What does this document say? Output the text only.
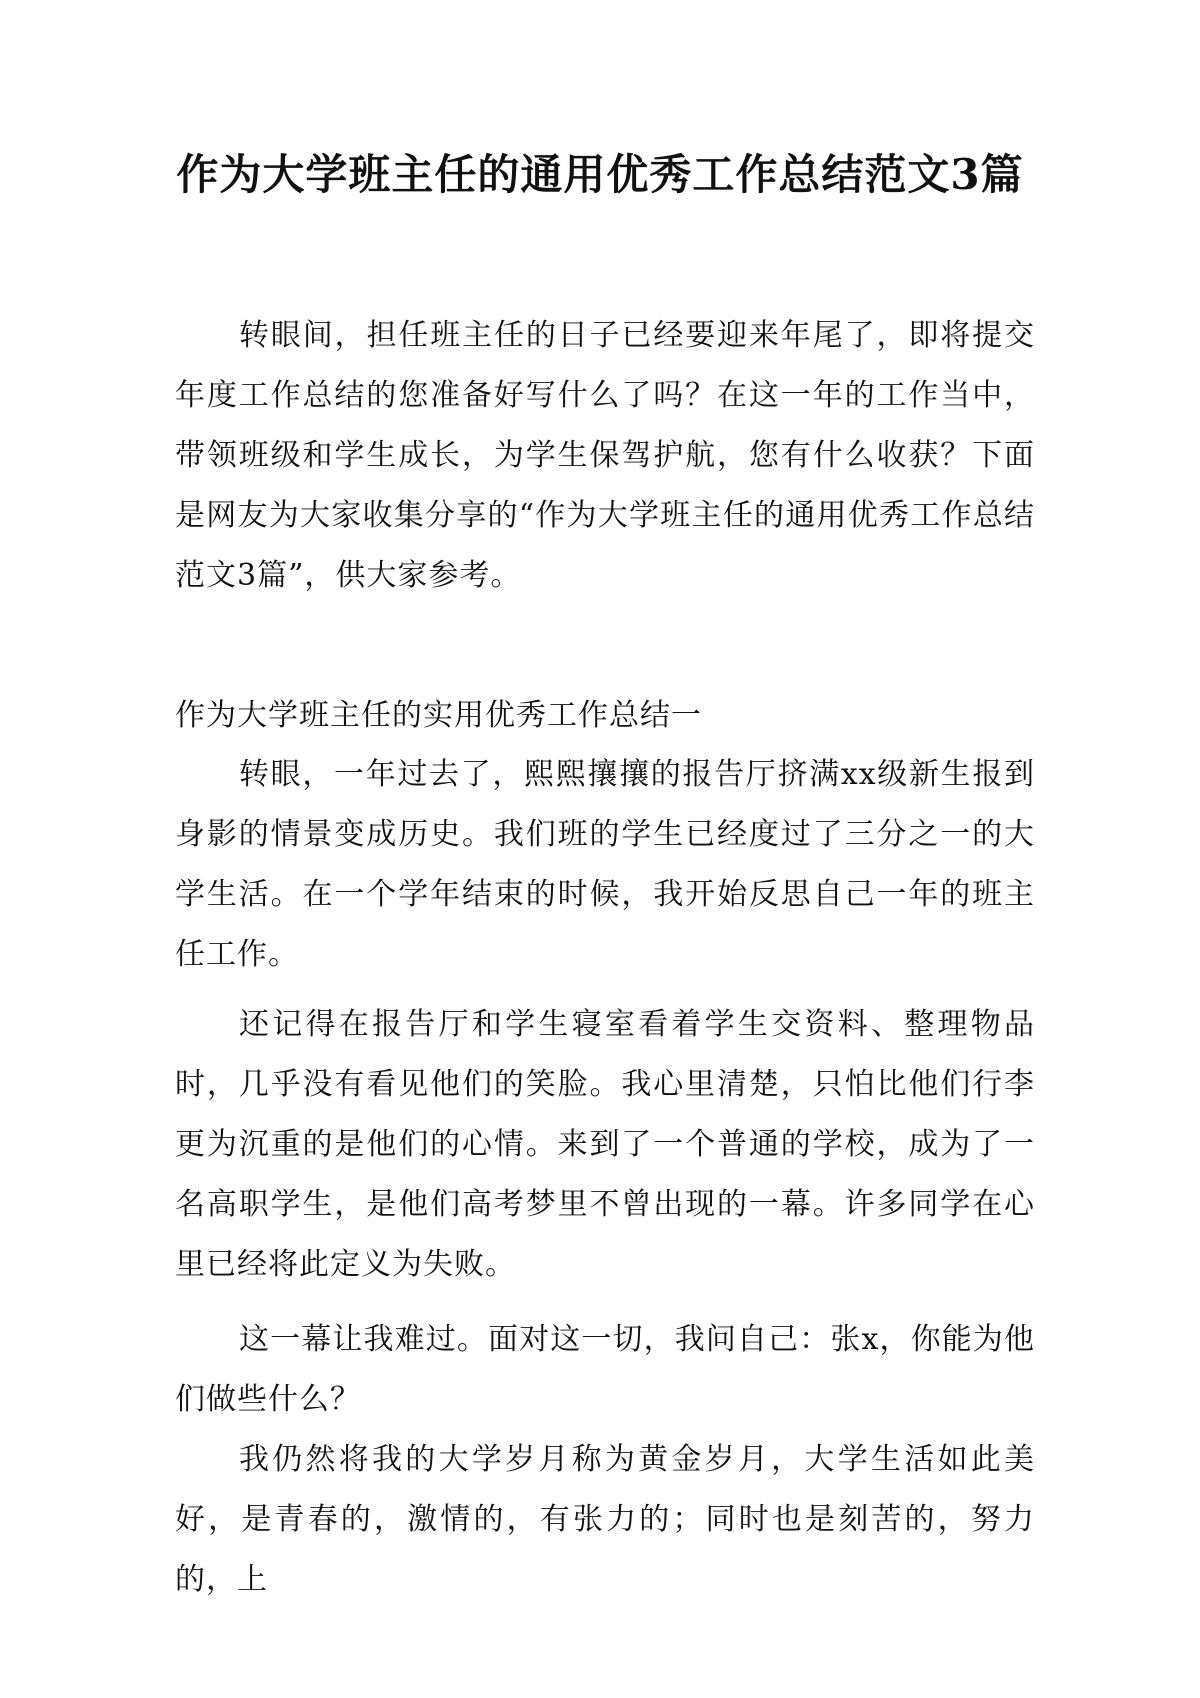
作为大学班主任的通用优秀工作总结范文3篇

转眼间，担任班主任的日子已经要迎来年尾了，即将提交年度工作总结的您准备好写什么了吗？在这一年的工作当中，带领班级和学生成长，为学生保驾护航，您有什么收获？下面是网友为大家收集分享的“作为大学班主任的通用优秀工作总结范文3篇”，供大家参考。

作为大学班主任的实用优秀工作总结一

转眼，一年过去了，熙熙攘攘的报告厅挤满xx级新生报到身影的情景变成历史。我们班的学生已经度过了三分之一的大学生活。在一个学年结束的时候，我开始反思自己一年的班主任工作。

还记得在报告厅和学生寝室看着学生交资料、整理物品时，几乎没有看见他们的笑脸。我心里清楚，只怕比他们行李更为沉重的是他们的心情。来到了一个普通的学校，成为了一名高职学生，是他们高考梦里不曾出现的一幕。许多同学在心里已经将此定义为失败。

这一幕让我难过。面对这一切，我问自己：张x，你能为他们做些什么？

我仍然将我的大学岁月称为黄金岁月，大学生活如此美好，是青春的，激情的，有张力的；同时也是刻苦的，努力的，上
